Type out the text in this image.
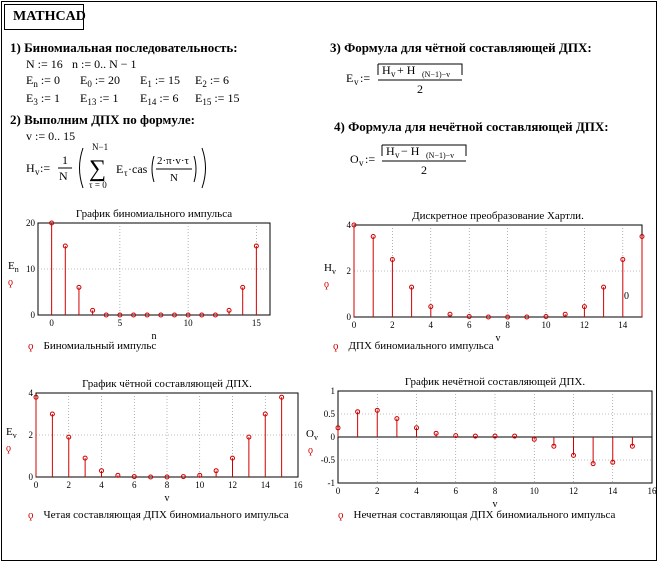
MATHCAD
1) Биномиальная последовательность:
N := 16 n := 0.. N − 1
$E_n$ := 0 $E_0$ := 20 $E_1$ := 15 $E_2$ := 6
$E_3$ := 1 $E_{13}$ := 1 $E_{14}$ := 6 $E_{15}$ := 15
2) Выполним ДПХ по формуле:
v := 0.. 15
H v :=
1
N
N−1
∑
τ = 0
E τ ·cas
2·π·v·τ
N
3) Формула для чётной составляющей ДПХ:
E v :=
H v + H (N−1)−v
2
4) Формула для нечётной составляющей ДПХ:
O v :=
H v − H (N−1)−v
2
График биномиального импульса
0
10
20
0	5	10	15
$E_n$
ϙ
n
Дискретное преобразование Хартли.
0
2
4
0	2	4	6	8	10	12	14
$H_v$
ϙ
v
0
График чётной составляющей ДПХ.
0
2
4
0	2	4	6	8	10	12	14	16
$E_v$
ϙ
v
График нечётной составляющей ДПХ.
-1
-0.5
0
0.5
1
0	2	4	6	8	10	12	14	16
$O_v$
ϙ
v
ϙ Биномиальный импульс	ϙ ДПХ биномиального импульса
ϙ Четая составляющая ДПХ биномиального импульса	ϙ Нечетная составляющая ДПХ биномиального импульса
